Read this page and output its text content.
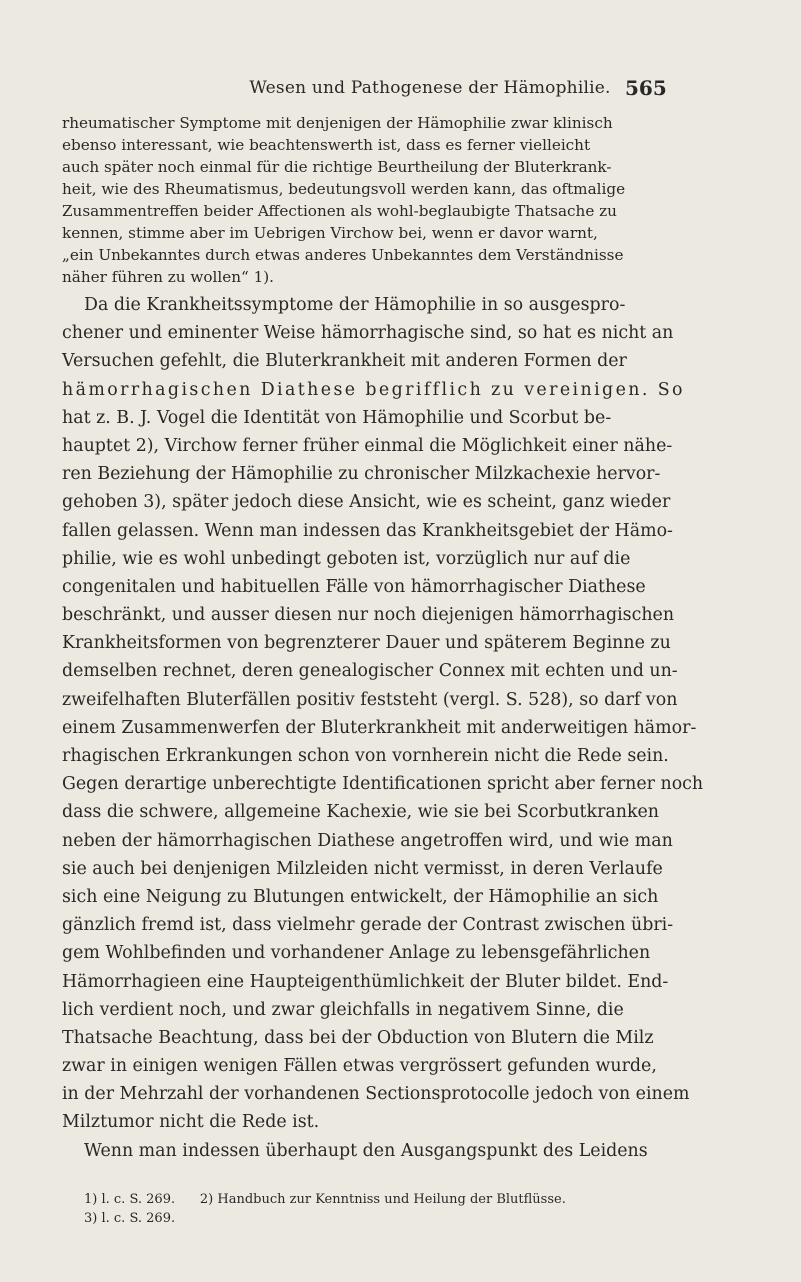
Wesen und Pathogenese der Hämophilie. 565
rheumatischer Symptome mit denjenigen der Hämophilie zwar klinisch
ebenso interessant, wie beachtenswerth ist, dass es ferner vielleicht
auch später noch einmal für die richtige Beurtheilung der Bluterkrank-
heit, wie des Rheumatismus, bedeutungsvoll werden kann, das oftmalige
Zusammentreffen beider Affectionen als wohl-beglaubigte Thatsache zu
kennen, stimme aber im Uebrigen Virchow bei, wenn er davor warnt,
„ein Unbekanntes durch etwas anderes Unbekanntes dem Verständnisse
näher führen zu wollen“ 1).
Da die Krankheitssymptome der Hämophilie in so ausgespro-
chener und eminenter Weise hämorrhagische sind, so hat es nicht an
Versuchen gefehlt, die Bluterkrankheit mit anderen Formen der
hämorrhagischen Diathese begrifflich zu vereinigen. So
hat z. B. J. Vogel die Identität von Hämophilie und Scorbut be-
hauptet 2), Virchow ferner früher einmal die Möglichkeit einer nähe-
ren Beziehung der Hämophilie zu chronischer Milzkachexie hervor-
gehoben 3), später jedoch diese Ansicht, wie es scheint, ganz wieder
fallen gelassen. Wenn man indessen das Krankheitsgebiet der Hämo-
philie, wie es wohl unbedingt geboten ist, vorzüglich nur auf die
congenitalen und habituellen Fälle von hämorrhagischer Diathese
beschränkt, und ausser diesen nur noch diejenigen hämorrhagischen
Krankheitsformen von begrenzterer Dauer und späterem Beginne zu
demselben rechnet, deren genealogischer Connex mit echten und un-
zweifelhaften Bluterfällen positiv feststeht (vergl. S. 528), so darf von
einem Zusammenwerfen der Bluterkrankheit mit anderweitigen hämor-
rhagischen Erkrankungen schon von vornherein nicht die Rede sein.
Gegen derartige unberechtigte Identificationen spricht aber ferner noch
dass die schwere, allgemeine Kachexie, wie sie bei Scorbutkranken
neben der hämorrhagischen Diathese angetroffen wird, und wie man
sie auch bei denjenigen Milzleiden nicht vermisst, in deren Verlaufe
sich eine Neigung zu Blutungen entwickelt, der Hämophilie an sich
gänzlich fremd ist, dass vielmehr gerade der Contrast zwischen übri-
gem Wohlbefinden und vorhandener Anlage zu lebensgefährlichen
Hämorrhagieen eine Haupteigenthümlichkeit der Bluter bildet. End-
lich verdient noch, und zwar gleichfalls in negativem Sinne, die
Thatsache Beachtung, dass bei der Obduction von Blutern die Milz
zwar in einigen wenigen Fällen etwas vergrössert gefunden wurde,
in der Mehrzahl der vorhandenen Sectionsprotocolle jedoch von einem
Milztumor nicht die Rede ist.
Wenn man indessen überhaupt den Ausgangspunkt des Leidens
1) l. c. S. 269.      2) Handbuch zur Kenntniss und Heilung der Blutflüsse.
3) l. c. S. 269.
